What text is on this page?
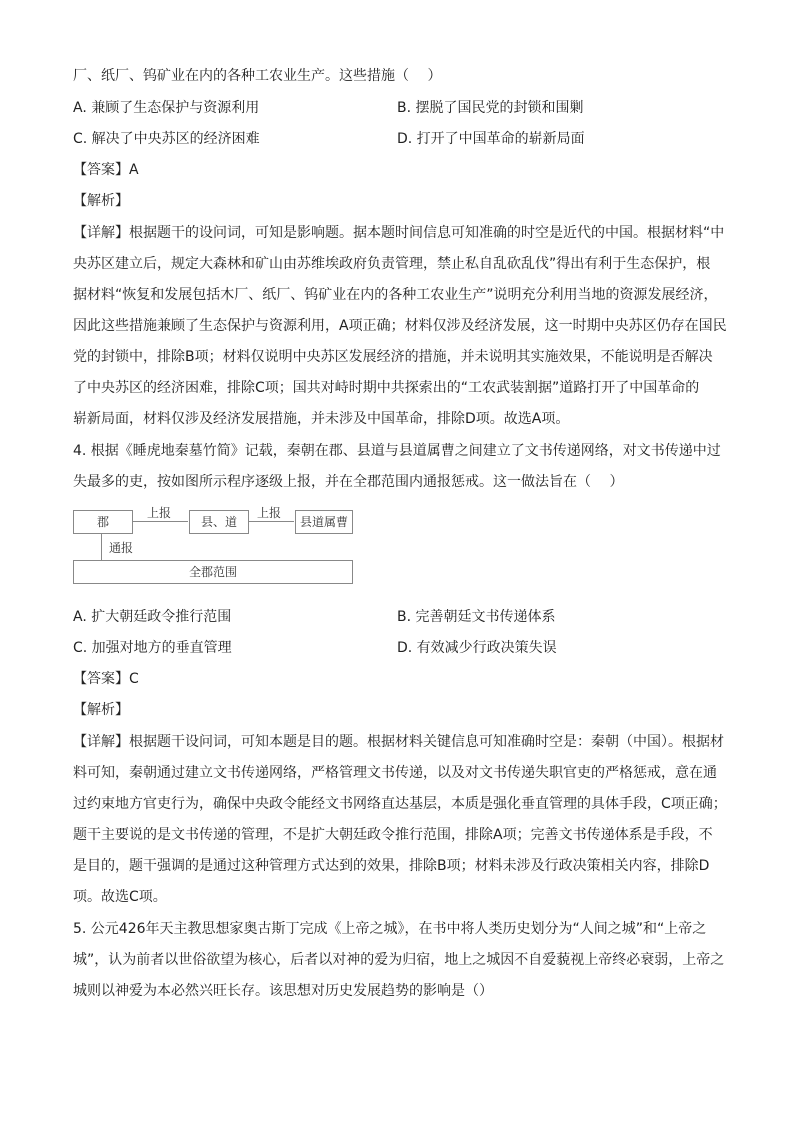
厂、纸厂、钨矿业在内的各种工农业生产。这些措施（　 ）
A. 兼顾了生态保护与资源利用	B. 摆脱了国民党的封锁和围剿
C. 解决了中央苏区的经济困难	D. 打开了中国革命的崭新局面
【答案】A
【解析】
【详解】根据题干的设问词，可知是影响题。据本题时间信息可知准确的时空是近代的中国。根据材料“中
央苏区建立后，规定大森林和矿山由苏维埃政府负责管理，禁止私自乱砍乱伐”得出有利于生态保护，根
据材料“恢复和发展包括木厂、纸厂、钨矿业在内的各种工农业生产”说明充分利用当地的资源发展经济，
因此这些措施兼顾了生态保护与资源利用，A项正确；材料仅涉及经济发展，这一时期中央苏区仍存在国民
党的封锁中，排除B项；材料仅说明中央苏区发展经济的措施，并未说明其实施效果，不能说明是否解决
了中央苏区的经济困难，排除C项；国共对峙时期中共探索出的“工农武装割据”道路打开了中国革命的
崭新局面，材料仅涉及经济发展措施，并未涉及中国革命，排除D项。故选A项。
4. 根据《睡虎地秦墓竹简》记载，秦朝在郡、县道与县道属曹之间建立了文书传递网络，对文书传递中过
失最多的吏，按如图所示程序逐级上报，并在全郡范围内通报惩戒。这一做法旨在（　 ）
郡
上报
县、道
上报
县道属曹
通报
全郡范围
A. 扩大朝廷政令推行范围	B. 完善朝廷文书传递体系
C. 加强对地方的垂直管理	D. 有效减少行政决策失误
【答案】C
【解析】
【详解】根据题干设问词，可知本题是目的题。根据材料关键信息可知准确时空是：秦朝（中国）。根据材
料可知，秦朝通过建立文书传递网络，严格管理文书传递，以及对文书传递失职官吏的严格惩戒，意在通
过约束地方官吏行为，确保中央政令能经文书网络直达基层，本质是强化垂直管理的具体手段，C项正确；
题干主要说的是文书传递的管理，不是扩大朝廷政令推行范围，排除A项；完善文书传递体系是手段，不
是目的，题干强调的是通过这种管理方式达到的效果，排除B项；材料未涉及行政决策相关内容，排除D
项。故选C项。
5. 公元426年天主教思想家奥古斯丁完成《上帝之城》，在书中将人类历史划分为“人间之城”和“上帝之
城”，认为前者以世俗欲望为核心，后者以对神的爱为归宿，地上之城因不自爱藐视上帝终必衰弱，上帝之
城则以神爱为本必然兴旺长存。该思想对历史发展趋势的影响是（）
